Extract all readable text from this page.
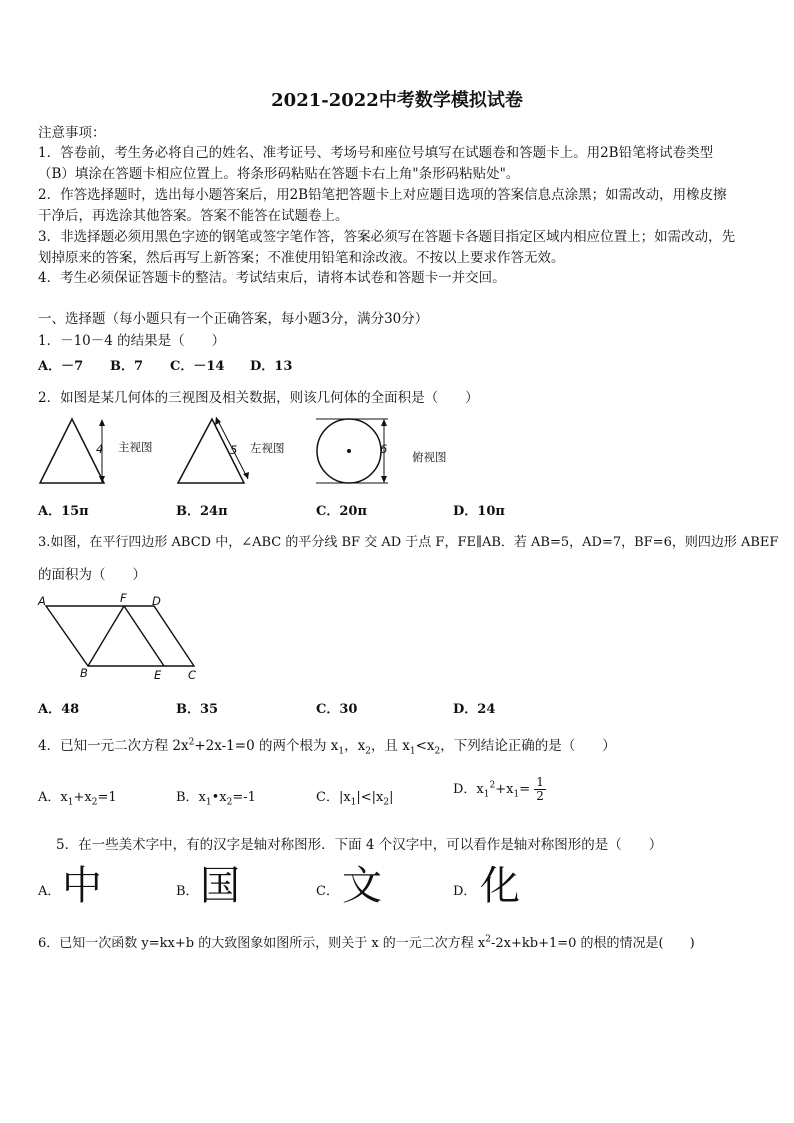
2021-2022中考数学模拟试卷
注意事项：
1．答卷前，考生务必将自己的姓名、准考证号、考场号和座位号填写在试题卷和答题卡上。用2B铅笔将试卷类型
（B）填涂在答题卡相应位置上。将条形码粘贴在答题卡右上角"条形码粘贴处"。
2．作答选择题时，选出每小题答案后，用2B铅笔把答题卡上对应题目选项的答案信息点涂黑；如需改动，用橡皮擦
干净后，再选涂其他答案。答案不能答在试题卷上。
3．非选择题必须用黑色字迹的钢笔或签字笔作答，答案必须写在答题卡各题目指定区域内相应位置上；如需改动，先
划掉原来的答案，然后再写上新答案；不准使用铅笔和涂改液。不按以上要求作答无效。
4．考生必须保证答题卡的整洁。考试结束后，请将本试卷和答题卡一并交回。
一、选择题（每小题只有一个正确答案，每小题3分，满分30分）
1．－10－4 的结果是（　　）
A．－7 B．7 C．－14 D．13
2．如图是某几何体的三视图及相关数据，则该几何体的全面积是（　　）
4 主视图	5 左视图	6
俯视图
A．15π	B．24π	C．20π	D．10π
3.如图，在平行四边形 ABCD 中，∠ABC 的平分线 BF 交 AD 于点 F，FE∥AB．若 AB=5，AD=7，BF=6，则四边形 ABEF
的面积为（　　）
A	F D
B	E C
A．48	B．35	C．30	D．24
4．已知一元二次方程 $2x^2+2x-1=0$ 的两个根为 $x_1$，$x_2$，且 $x_1<x_2$，下列结论正确的是（　　）
A．$x_1+x_2=1$	B．$x_1•x_2=-1$	C．$|x_1|<|x_2|$
D．$x_1^2+x_1= \frac{1}{2}$
5．在一些美术字中，有的汉字是轴对称图形．下面 4 个汉字中，可以看作是轴对称图形的是（　　）
A． 中	B． 国	C． 文	D． 化
6．已知一次函数 y=kx+b 的大致图象如图所示，则关于 x 的一元二次方程 $x^2-2x+kb+1=0$ 的根的情况是(　　)
